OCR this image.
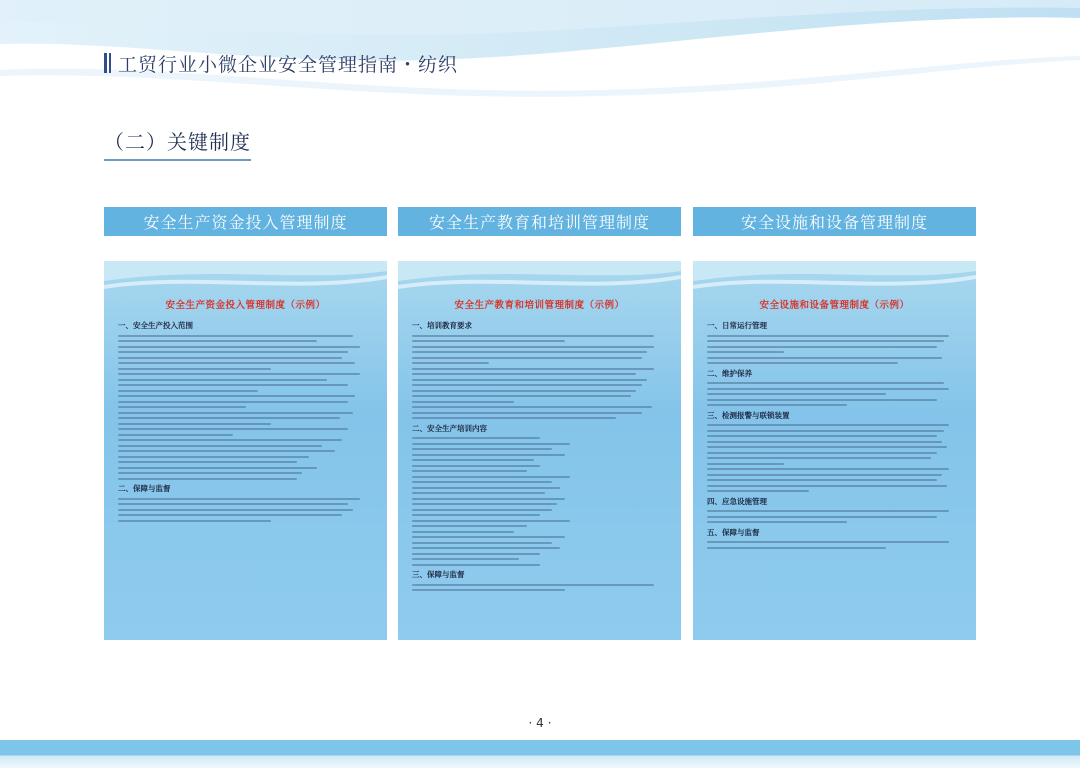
工贸行业小微企业安全管理指南・纺织
（二）关键制度
安全生产资金投入管理制度	安全生产教育和培训管理制度	安全设施和设备管理制度
安全生产资金投入管理制度（示例）
一、安全生产投入范围
二、保障与监督
安全生产教育和培训管理制度（示例）
一、培训教育要求
二、安全生产培训内容
三、保障与监督
安全设施和设备管理制度（示例）
一、日常运行管理
二、维护保养
三、检测报警与联锁装置
四、应急设施管理
五、保障与监督
· 4 ·
